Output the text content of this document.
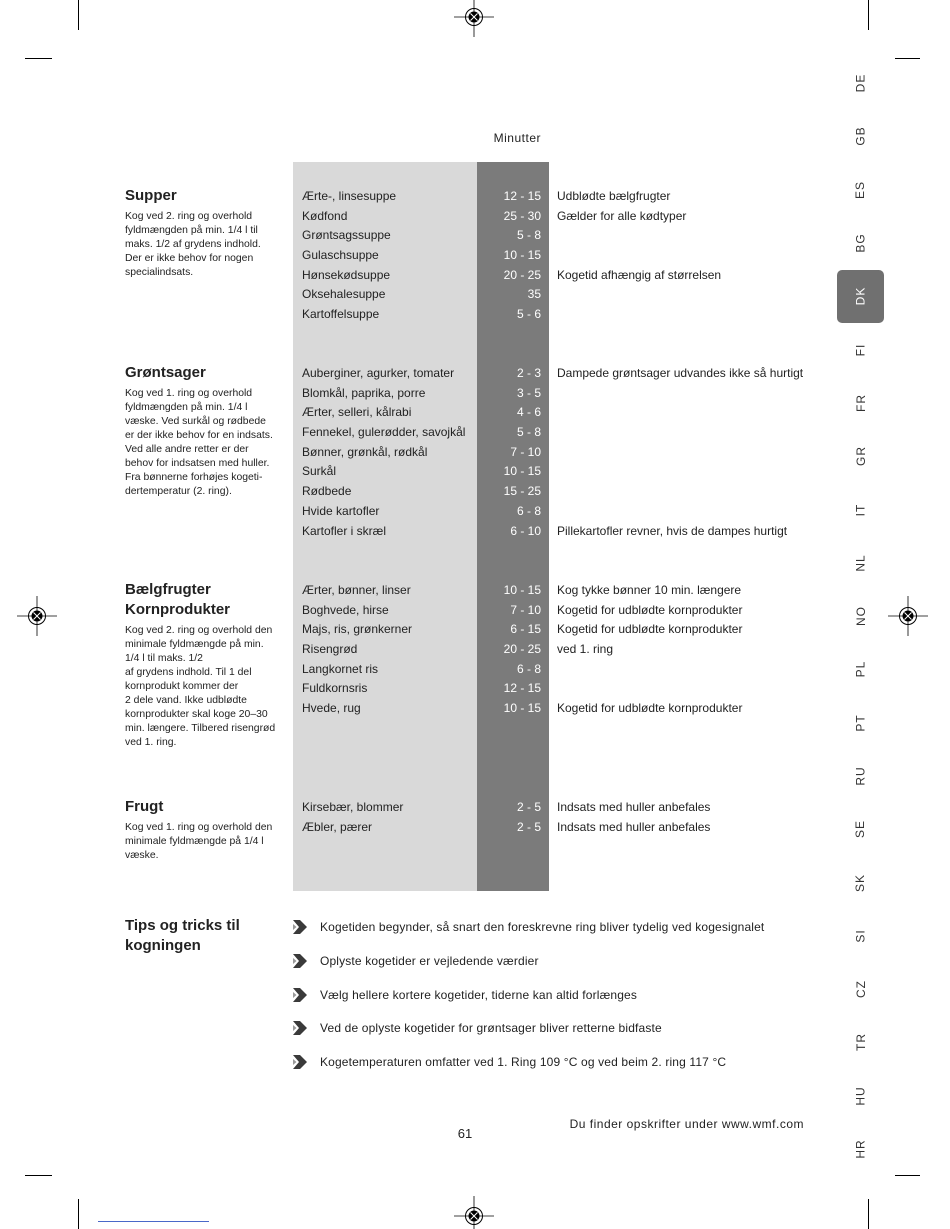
Minutter
Supper
Kog ved 2. ring og overhold
fyldmængden på min. 1/4 l til
maks. 1/2 af grydens indhold.
Der er ikke behov for nogen
specialindsats.
Ærte-, linsesuppe	12 - 15 Udblødte bælgfrugter
Kødfond	25 - 30 Gælder for alle kødtyper
Grøntsagssuppe	5 - 8
Gulaschsuppe	10 - 15
Hønsekødsuppe	20 - 25 Kogetid afhængig af størrelsen
Oksehalesuppe	35
Kartoffelsuppe	5 - 6
Grøntsager
Kog ved 1. ring og overhold
fyldmængden på min. 1/4 l
væske. Ved surkål og rødbede
er der ikke behov for en indsats.
Ved alle andre retter er der
behov for indsatsen med huller.
Fra bønnerne forhøjes kogeti-
dertemperatur (2. ring).
Auberginer, agurker, tomater	2 - 3 Dampede grøntsager udvandes ikke så hurtigt
Blomkål, paprika, porre	3 - 5
Ærter, selleri, kålrabi	4 - 6
Fennekel, gulerødder, savojkål	5 - 8
Bønner, grønkål, rødkål	7 - 10
Surkål	10 - 15
Rødbede	15 - 25
Hvide kartofler	6 - 8
Kartofler i skræl	6 - 10 Pillekartofler revner, hvis de dampes hurtigt
Bælgfrugter
Kornprodukter
Kog ved 2. ring og overhold den
minimale fyldmængde på min.
1/4 l til maks. 1/2
af grydens indhold. Til 1 del
kornprodukt kommer der
2 dele vand. Ikke udblødte
kornprodukter skal koge 20–30
min. længere. Tilbered risengrød
ved 1. ring.
Ærter, bønner, linser	10 - 15 Kog tykke bønner 10 min. længere
Boghvede, hirse	7 - 10 Kogetid for udblødte kornprodukter
Majs, ris, grønkerner	6 - 15 Kogetid for udblødte kornprodukter
Risengrød	20 - 25 ved 1. ring
Langkornet ris	6 - 8
Fuldkornsris	12 - 15
Hvede, rug	10 - 15 Kogetid for udblødte kornprodukter
Frugt
Kog ved 1. ring og overhold den
minimale fyldmængde på 1/4 l
væske.
Kirsebær, blommer	2 - 5 Indsats med huller anbefales
Æbler, pærer	2 - 5 Indsats med huller anbefales
Tips og tricks til
kogningen
Kogetiden begynder, så snart den foreskrevne ring bliver tydelig ved kogesignalet
Oplyste kogetider er vejledende værdier
Vælg hellere kortere kogetider, tiderne kan altid forlænges
Ved de oplyste kogetider for grøntsager bliver retterne bidfaste
Kogetemperaturen omfatter ved 1. Ring 109 °C og ved beim 2. ring 117 °C
Du finder opskrifter under www.wmf.com
61
DE
GB
ES
BG
DK
FI
FR
GR
IT
NL
NO
PL
PT
RU
SE
SK
SI
CZ
TR
HU
HR
